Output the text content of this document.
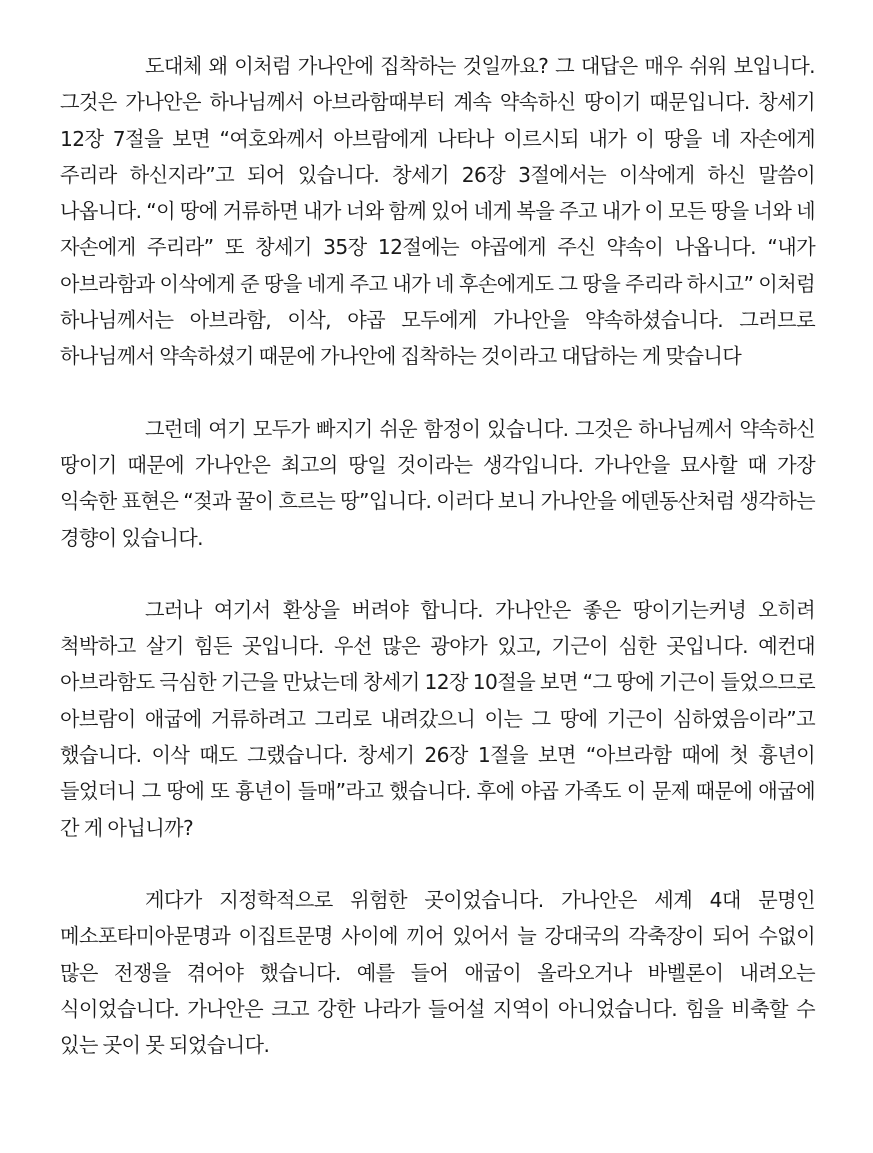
도대체 왜 이처럼 가나안에 집착하는 것일까요? 그 대답은 매우 쉬워 보입니다. 그것은 가나안은 하나님께서 아브라함때부터 계속 약속하신 땅이기 때문입니다. 창세기 12장 7절을 보면 “여호와께서 아브람에게 나타나 이르시되 내가 이 땅을 네 자손에게 주리라 하신지라”고 되어 있습니다. 창세기 26장 3절에서는 이삭에게 하신 말씀이 나옵니다. “이 땅에 거류하면 내가 너와 함께 있어 네게 복을 주고 내가 이 모든 땅을 너와 네 자손에게 주리라” 또 창세기 35장 12절에는 야곱에게 주신 약속이 나옵니다. “내가 아브라함과 이삭에게 준 땅을 네게 주고 내가 네 후손에게도 그 땅을 주리라 하시고” 이처럼 하나님께서는 아브라함, 이삭, 야곱 모두에게 가나안을 약속하셨습니다. 그러므로 하나님께서 약속하셨기 때문에 가나안에 집착하는 것이라고 대답하는 게 맞습니다

그런데 여기 모두가 빠지기 쉬운 함정이 있습니다. 그것은 하나님께서 약속하신 땅이기 때문에 가나안은 최고의 땅일 것이라는 생각입니다. 가나안을 묘사할 때 가장 익숙한 표현은 “젖과 꿀이 흐르는 땅”입니다. 이러다 보니 가나안을 에덴동산처럼 생각하는 경향이 있습니다.

그러나 여기서 환상을 버려야 합니다. 가나안은 좋은 땅이기는커녕 오히려 척박하고 살기 힘든 곳입니다. 우선 많은 광야가 있고, 기근이 심한 곳입니다. 예컨대 아브라함도 극심한 기근을 만났는데 창세기 12장 10절을 보면 “그 땅에 기근이 들었으므로 아브람이 애굽에 거류하려고 그리로 내려갔으니 이는 그 땅에 기근이 심하였음이라”고 했습니다. 이삭 때도 그랬습니다. 창세기 26장 1절을 보면 “아브라함 때에 첫 흉년이 들었더니 그 땅에 또 흉년이 들매”라고 했습니다. 후에 야곱 가족도 이 문제 때문에 애굽에 간 게 아닙니까?

게다가 지정학적으로 위험한 곳이었습니다. 가나안은 세계 4대 문명인 메소포타미아문명과 이집트문명 사이에 끼어 있어서 늘 강대국의 각축장이 되어 수없이 많은 전쟁을 겪어야 했습니다. 예를 들어 애굽이 올라오거나 바벨론이 내려오는 식이었습니다. 가나안은 크고 강한 나라가 들어설 지역이 아니었습니다. 힘을 비축할 수 있는 곳이 못 되었습니다.
